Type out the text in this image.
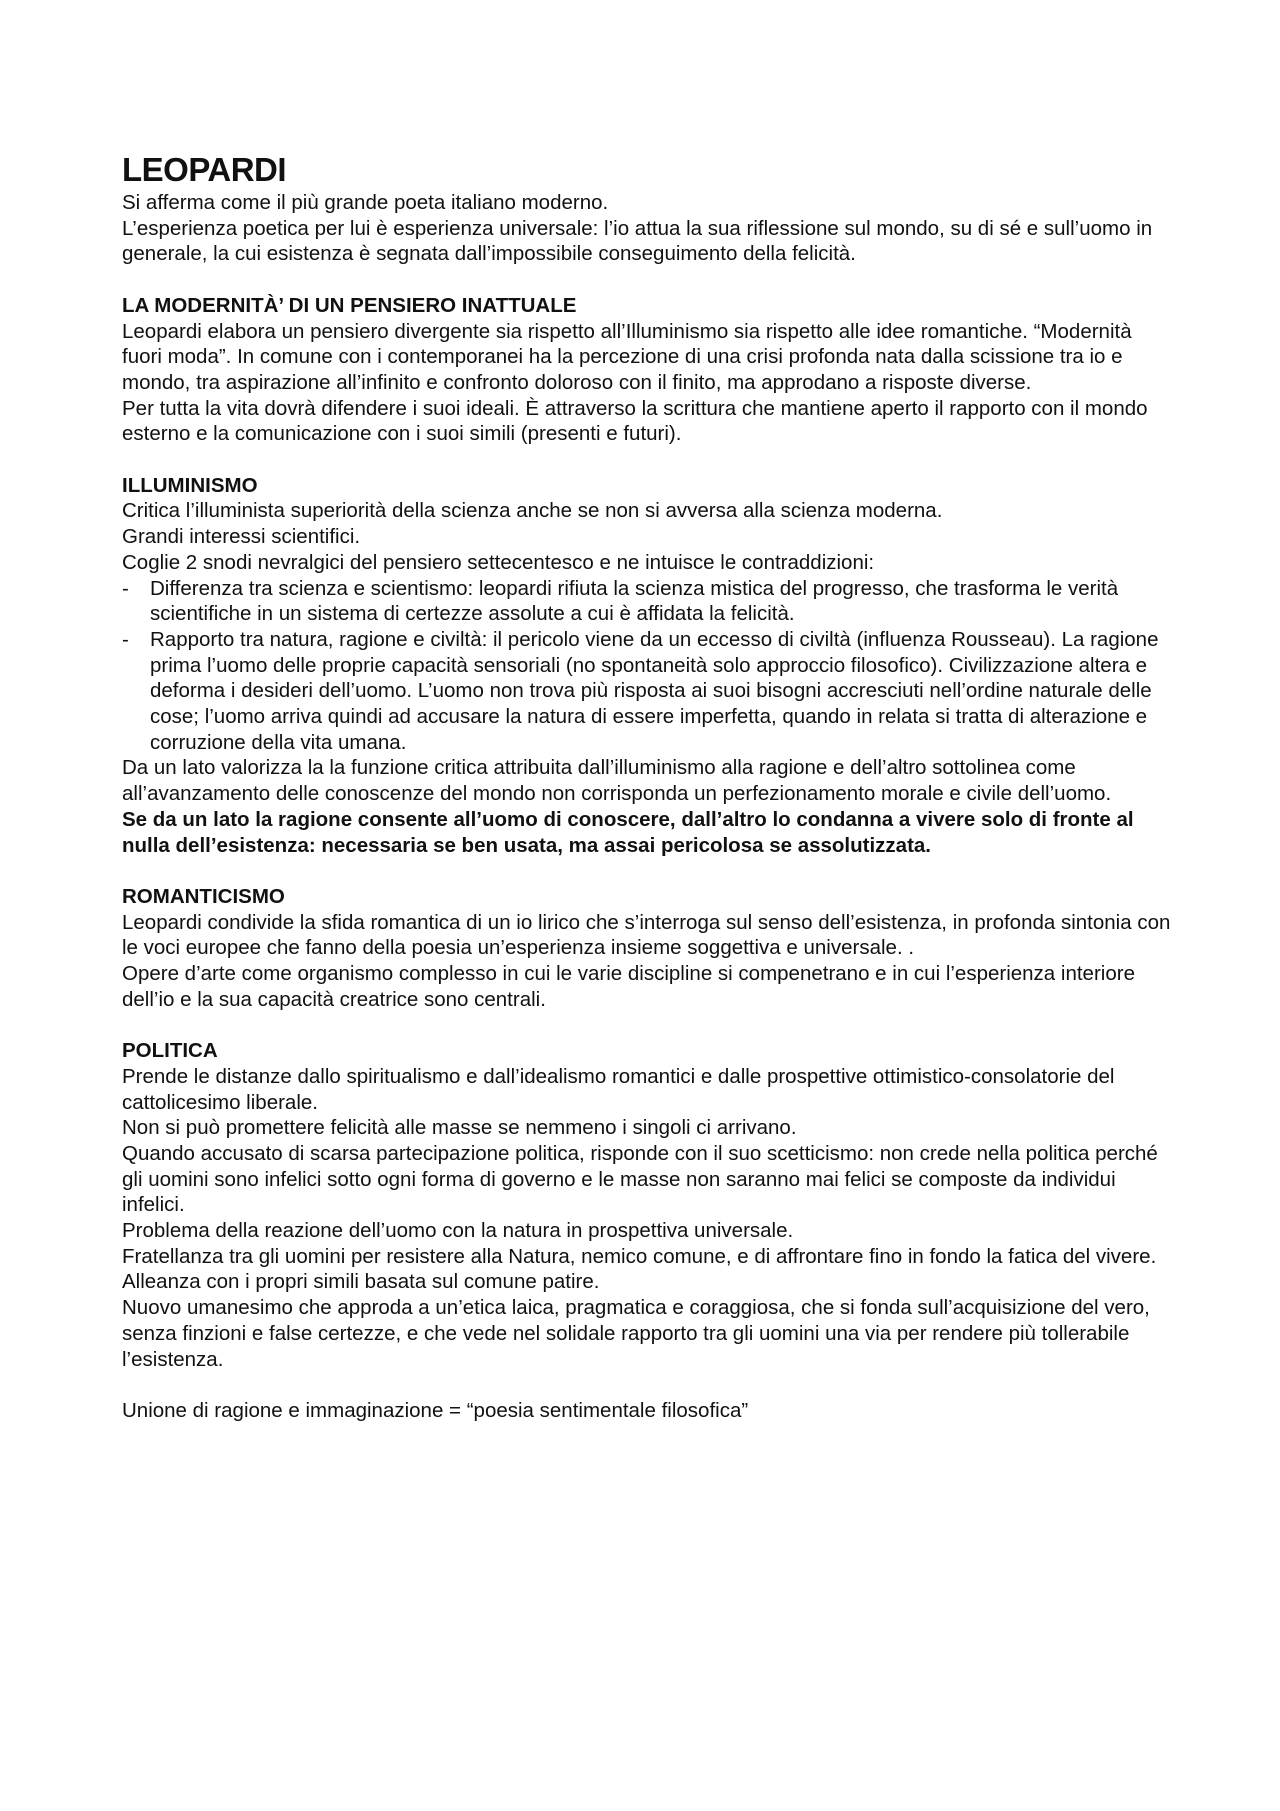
LEOPARDI

Si afferma come il più grande poeta italiano moderno.

L’esperienza poetica per lui è esperienza universale: l’io attua la sua riflessione sul mondo, su di sé e sull’uomo in generale, la cui esistenza è segnata dall’impossibile conseguimento della felicità.

LA MODERNITÀ’ DI UN PENSIERO INATTUALE

Leopardi elabora un pensiero divergente sia rispetto all’Illuminismo sia rispetto alle idee romantiche. “Modernità fuori moda”. In comune con i contemporanei ha la percezione di una crisi profonda nata dalla scissione tra io e mondo, tra aspirazione all’infinito e confronto doloroso con il finito, ma approdano a risposte diverse.

Per tutta la vita dovrà difendere i suoi ideali. È attraverso la scrittura che mantiene aperto il rapporto con il mondo esterno e la comunicazione con i suoi simili (presenti e futuri).

ILLUMINISMO

Critica l’illuminista superiorità della scienza anche se non si avversa alla scienza moderna.

Grandi interessi scientifici.

Coglie 2 snodi nevralgici del pensiero settecentesco e ne intuisce le contraddizioni:

- Differenza tra scienza e scientismo: leopardi rifiuta la scienza mistica del progresso, che trasforma le verità scientifiche in un sistema di certezze assolute a cui è affidata la felicità.
- Rapporto tra natura, ragione e civiltà: il pericolo viene da un eccesso di civiltà (influenza Rousseau). La ragione prima l’uomo delle proprie capacità sensoriali (no spontaneità solo approccio filosofico). Civilizzazione altera e deforma i desideri dell’uomo. L’uomo non trova più risposta ai suoi bisogni accresciuti nell’ordine naturale delle cose; l’uomo arriva quindi ad accusare la natura di essere imperfetta, quando in relata si tratta di alterazione e corruzione della vita umana.

Da un lato valorizza la la funzione critica attribuita dall’illuminismo alla ragione e dell’altro sottolinea come all’avanzamento delle conoscenze del mondo non corrisponda un perfezionamento morale e civile dell’uomo.

Se da un lato la ragione consente all’uomo di conoscere, dall’altro lo condanna a vivere solo di fronte al nulla dell’esistenza: necessaria se ben usata, ma assai pericolosa se assolutizzata.

ROMANTICISMO

Leopardi condivide la sfida romantica di un io lirico che s’interroga sul senso dell’esistenza, in profonda sintonia con le voci europee che fanno della poesia un’esperienza insieme soggettiva e universale. .

Opere d’arte come organismo complesso in cui le varie discipline si compenetrano e in cui l’esperienza interiore dell’io e la sua capacità creatrice sono centrali.

POLITICA

Prende le distanze dallo spiritualismo e dall’idealismo romantici e dalle prospettive ottimistico-consolatorie del cattolicesimo liberale.

Non si può promettere felicità alle masse se nemmeno i singoli ci arrivano.

Quando accusato di scarsa partecipazione politica, risponde con il suo scetticismo: non crede nella politica perché gli uomini sono infelici sotto ogni forma di governo e le masse non saranno mai felici se composte da individui infelici.

Problema della reazione dell’uomo con la natura in prospettiva universale.

Fratellanza tra gli uomini per resistere alla Natura, nemico comune, e di affrontare fino in fondo la fatica del vivere. Alleanza con i propri simili basata sul comune patire.

Nuovo umanesimo che approda a un’etica laica, pragmatica e coraggiosa, che si fonda sull’acquisizione del vero, senza finzioni e false certezze, e che vede nel solidale rapporto tra gli uomini una via per rendere più tollerabile l’esistenza.

Unione di ragione e immaginazione = “poesia sentimentale filosofica”
